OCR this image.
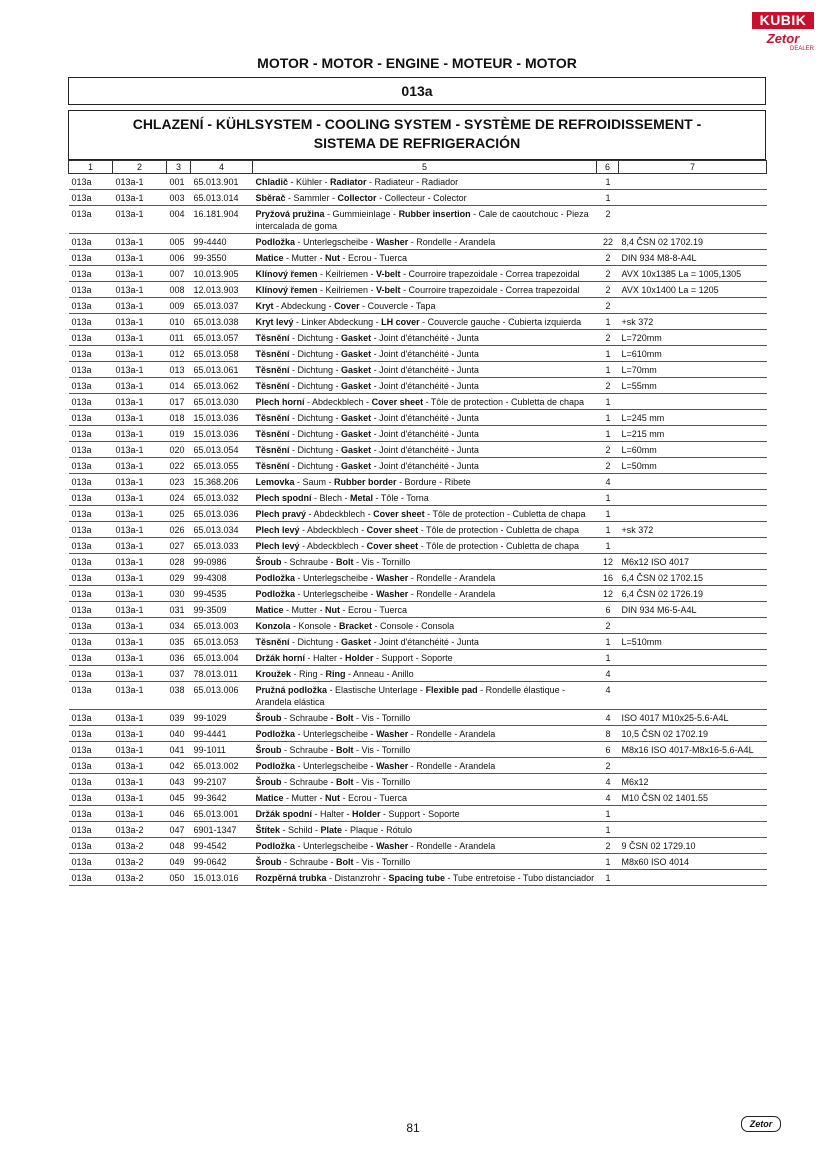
KUBIK
Zetor
DEALER
MOTOR - MOTOR - ENGINE - MOTEUR - MOTOR
013a
CHLAZENÍ - KÜHLSYSTEM - COOLING SYSTEM - SYSTÈME DE REFROIDISSEMENT - SISTEMA DE REFRIGERACIÓN
1	2	3	4	5	6	7
013a	013a-1	001	65.013.901	Chladič - Kühler - Radiator - Radiateur - Radiador	1	
013a	013a-1	003	65.013.014	Sběrač - Sammler - Collector - Collecteur - Colector	1	
013a	013a-1	004	16.181.904	Pryžová pružina - Gummieinlage - Rubber insertion - Cale de caoutchouc - Pieza intercalada de goma	2	
013a	013a-1	005	99-4440	Podložka - Unterlegscheibe - Washer - Rondelle - Arandela	22	8,4 ČSN 02 1702.19
013a	013a-1	006	99-3550	Matice - Mutter - Nut - Ecrou - Tuerca	2	DIN 934 M8-8-A4L
013a	013a-1	007	10.013.905	Klínový řemen - Keilriemen - V-belt - Courroire trapezoidale - Correa trapezoidal	2	AVX 10x1385 La = 1005,1305
013a	013a-1	008	12.013.903	Klínový řemen - Keilriemen - V-belt - Courroire trapezoidale - Correa trapezoidal	2	AVX 10x1400 La = 1205
013a	013a-1	009	65.013.037	Kryt - Abdeckung - Cover - Couvercle - Tapa	2	
013a	013a-1	010	65.013.038	Kryt levý - Linker Abdeckung - LH cover - Couvercle gauche - Cubierta izquierda	1	+sk 372
013a	013a-1	011	65.013.057	Těsnění - Dichtung - Gasket - Joint d'étanchéité - Junta	2	L=720mm
013a	013a-1	012	65.013.058	Těsnění - Dichtung - Gasket - Joint d'étanchéité - Junta	1	L=610mm
013a	013a-1	013	65.013.061	Těsnění - Dichtung - Gasket - Joint d'étanchéité - Junta	1	L=70mm
013a	013a-1	014	65.013.062	Těsnění - Dichtung - Gasket - Joint d'étanchéité - Junta	2	L=55mm
013a	013a-1	017	65.013.030	Plech horní - Abdeckblech - Cover sheet - Tôle de protection - Cubletta de chapa	1	
013a	013a-1	018	15.013.036	Těsnění - Dichtung - Gasket - Joint d'étanchéité - Junta	1	L=245 mm
013a	013a-1	019	15.013.036	Těsnění - Dichtung - Gasket - Joint d'étanchéité - Junta	1	L=215 mm
013a	013a-1	020	65.013.054	Těsnění - Dichtung - Gasket - Joint d'étanchéité - Junta	2	L=60mm
013a	013a-1	022	65.013.055	Těsnění - Dichtung - Gasket - Joint d'étanchéité - Junta	2	L=50mm
013a	013a-1	023	15.368.206	Lemovka - Saum - Rubber border - Bordure - Ribete	4	
013a	013a-1	024	65.013.032	Plech spodní - Blech - Metal - Tôle - Torna	1	
013a	013a-1	025	65.013.036	Plech pravý - Abdeckblech - Cover sheet - Tôle de protection - Cubletta de chapa	1	
013a	013a-1	026	65.013.034	Plech levý - Abdeckblech - Cover sheet - Tôle de protection - Cubletta de chapa	1	+sk 372
013a	013a-1	027	65.013.033	Plech levý - Abdeckblech - Cover sheet - Tôle de protection - Cubletta de chapa	1	
013a	013a-1	028	99-0986	Šroub - Schraube - Bolt - Vis - Tornillo	12	M6x12 ISO 4017
013a	013a-1	029	99-4308	Podložka - Unterlegscheibe - Washer - Rondelle - Arandela	16	6,4 ČSN 02 1702.15
013a	013a-1	030	99-4535	Podložka - Unterlegscheibe - Washer - Rondelle - Arandela	12	6,4 ČSN 02 1726.19
013a	013a-1	031	99-3509	Matice - Mutter - Nut - Ecrou - Tuerca	6	DIN 934 M6-5-A4L
013a	013a-1	034	65.013.003	Konzola - Konsole - Bracket - Console - Consola	2	
013a	013a-1	035	65.013.053	Těsnění - Dichtung - Gasket - Joint d'étanchéité - Junta	1	L=510mm
013a	013a-1	036	65.013.004	Držák horní - Halter - Holder - Support - Soporte	1	
013a	013a-1	037	78.013.011	Kroužek - Ring - Ring - Anneau - Anillo	4	
013a	013a-1	038	65.013.006	Pružná podložka - Elastische Unterlage - Flexible pad - Rondelle élastique - Arandela elástica	4	
013a	013a-1	039	99-1029	Šroub - Schraube - Bolt - Vis - Tornillo	4	ISO 4017 M10x25-5.6-A4L
013a	013a-1	040	99-4441	Podložka - Unterlegscheibe - Washer - Rondelle - Arandela	8	10,5 ČSN 02 1702.19
013a	013a-1	041	99-1011	Šroub - Schraube - Bolt - Vis - Tornillo	6	M8x16 ISO 4017-M8x16-5.6-A4L
013a	013a-1	042	65.013.002	Podložka - Unterlegscheibe - Washer - Rondelle - Arandela	2	
013a	013a-1	043	99-2107	Šroub - Schraube - Bolt - Vis - Tornillo	4	M6x12
013a	013a-1	045	99-3642	Matice - Mutter - Nut - Ecrou - Tuerca	4	M10 ČSN 02 1401.55
013a	013a-1	046	65.013.001	Držák spodní - Halter - Holder - Support - Soporte	1	
013a	013a-2	047	6901-1347	Štítek - Schild - Plate - Plaque - Rótulo	1	
013a	013a-2	048	99-4542	Podložka - Unterlegscheibe - Washer - Rondelle - Arandela	2	9 ČSN 02 1729.10
013a	013a-2	049	99-0642	Šroub - Schraube - Bolt - Vis - Tornillo	1	M8x60 ISO 4014
013a	013a-2	050	15.013.016	Rozpěrná trubka - Distanzrohr - Spacing tube - Tube entretoise - Tubo distanciador	1	
81	Zetor
